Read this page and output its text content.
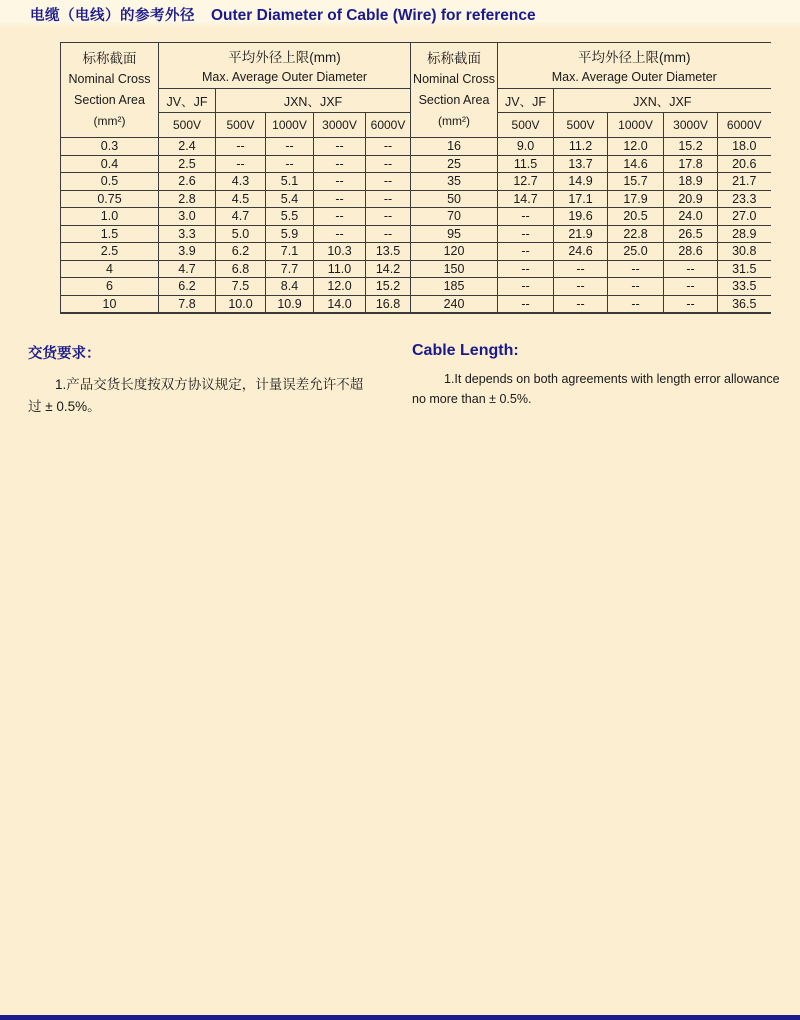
电缆（电线）的参考外径 Outer Diameter of Cable (Wire) for reference
标称截面
Nominal Cross
Section Area
(mm²)

平均外径上限(mm)
Max. Average Outer Diameter

标称截面
Nominal Cross
Section Area
(mm²)

平均外径上限(mm)
Max. Average Outer Diameter

	JV、JF	JXN、JXF					JV、JF	JXN、JXF			
	500V	500V	1000V	3000V	6000V		500V	500V	1000V	3000V	6000V
0.3	2.4	--	--	--	--	16	9.0	11.2	12.0	15.2	18.0
0.4	2.5	--	--	--	--	25	11.5	13.7	14.6	17.8	20.6
0.5	2.6	4.3	5.1	--	--	35	12.7	14.9	15.7	18.9	21.7
0.75	2.8	4.5	5.4	--	--	50	14.7	17.1	17.9	20.9	23.3
1.0	3.0	4.7	5.5	--	--	70	--	19.6	20.5	24.0	27.0
1.5	3.3	5.0	5.9	--	--	95	--	21.9	22.8	26.5	28.9
2.5	3.9	6.2	7.1	10.3	13.5	120	--	24.6	25.0	28.6	30.8
4	4.7	6.8	7.7	11.0	14.2	150	--	--	--	--	31.5
6	6.2	7.5	8.4	12.0	15.2	185	--	--	--	--	33.5
10	7.8	10.0	10.9	14.0	16.8	240	--	--	--	--	36.5
交货要求：
1.产品交货长度按双方协议规定，计量误差允许不超
过 ± 0.5%。
Cable Length:
1.It depends on both agreements with length error allowance
no more than ± 0.5%.
